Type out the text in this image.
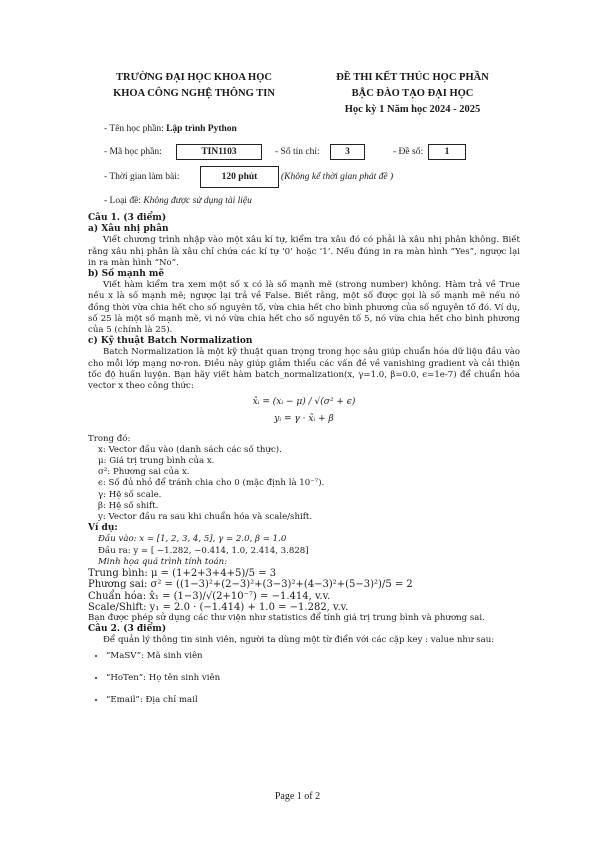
TRƯỜNG ĐẠI HỌC KHOA HỌC
KHOA CÔNG NGHỆ THÔNG TIN
ĐỀ THI KẾT THÚC HỌC PHẦN
BẬC ĐÀO TẠO ĐẠI HỌC
Học kỳ 1 Năm học 2024 - 2025
- Tên học phần: Lập trình Python
- Mã học phần:	TIN1103	- Số tín chỉ:	3	- Đề số:	1
- Thời gian làm bài:	120 phút	(Không kể thời gian phát đề )
- Loại đề: Không được sử dụng tài liệu

Câu 1. (3 điểm)

a) Xâu nhị phân

Viết chương trình nhập vào một xâu kí tự, kiểm tra xâu đó có phải là xâu nhị phân không. Biết rằng xâu nhị phân là xâu chỉ chứa các kí tự ‘0’ hoặc ‘1’. Nếu đúng in ra màn hình “Yes”, ngược lại in ra màn hình “No”.

b) Số mạnh mẽ

Viết hàm kiểm tra xem một số x có là số mạnh mẽ (strong number) không. Hàm trả về True nếu x là số mạnh mẽ; ngược lại trả về False. Biết rằng, một số được gọi là số mạnh mẽ nếu nó đồng thời vừa chia hết cho số nguyên tố, vừa chia hết cho bình phương của số nguyên tố đó. Ví dụ, số 25 là một số mạnh mẽ, vì nó vừa chia hết cho số nguyên tố 5, nó vừa chia hết cho bình phương của 5 (chính là 25).

c) Kỹ thuật Batch Normalization

Batch Normalization là một kỹ thuật quan trọng trong học sâu giúp chuẩn hóa dữ liệu đầu vào cho mỗi lớp mạng nơ-ron. Điều này giúp giảm thiểu các vấn đề về vanishing gradient và cải thiện tốc độ huấn luyện. Bạn hãy viết hàm batch_normalization(x, γ=1.0, β=0.0, ϵ=1e-7) để chuẩn hóa vector x theo công thức:

x̂ᵢ = (xᵢ − μ) / √(σ² + ϵ)

yᵢ = γ · x̂ᵢ + β

Trong đó:

x: Vector đầu vào (danh sách các số thực).

μ: Giá trị trung bình của x.

σ²: Phương sai của x.

ϵ: Số đủ nhỏ để tránh chia cho 0 (mặc định là 10⁻⁷).

γ: Hệ số scale.

β: Hệ số shift.

y: Vector đầu ra sau khi chuẩn hóa và scale/shift.

Ví dụ:

Đầu vào: x = [1, 2, 3, 4, 5], γ = 2.0, β = 1.0

Đầu ra: y = [ −1.282, −0.414, 1.0, 2.414, 3.828]

Minh họa quá trình tính toán:

Trung bình: μ = (1+2+3+4+5)/5 = 3

Phương sai: σ² = ((1−3)²+(2−3)²+(3−3)²+(4−3)²+(5−3)²)/5 = 2

Chuẩn hóa: x̂₁ = (1−3)/√(2+10⁻⁷) = −1.414, v.v.

Scale/Shift: y₁ = 2.0 · (−1.414) + 1.0 = −1.282, v.v.

Bạn được phép sử dụng các thư viện như statistics để tính giá trị trung bình và phương sai.

Câu 2. (3 điểm)

Để quản lý thông tin sinh viên, người ta dùng một từ điển với các cặp key : value như sau:

• “MaSV”: Mã sinh viên
• “HoTen”: Họ tên sinh viên
• “Email”: Địa chỉ mail
Page 1 of 2
